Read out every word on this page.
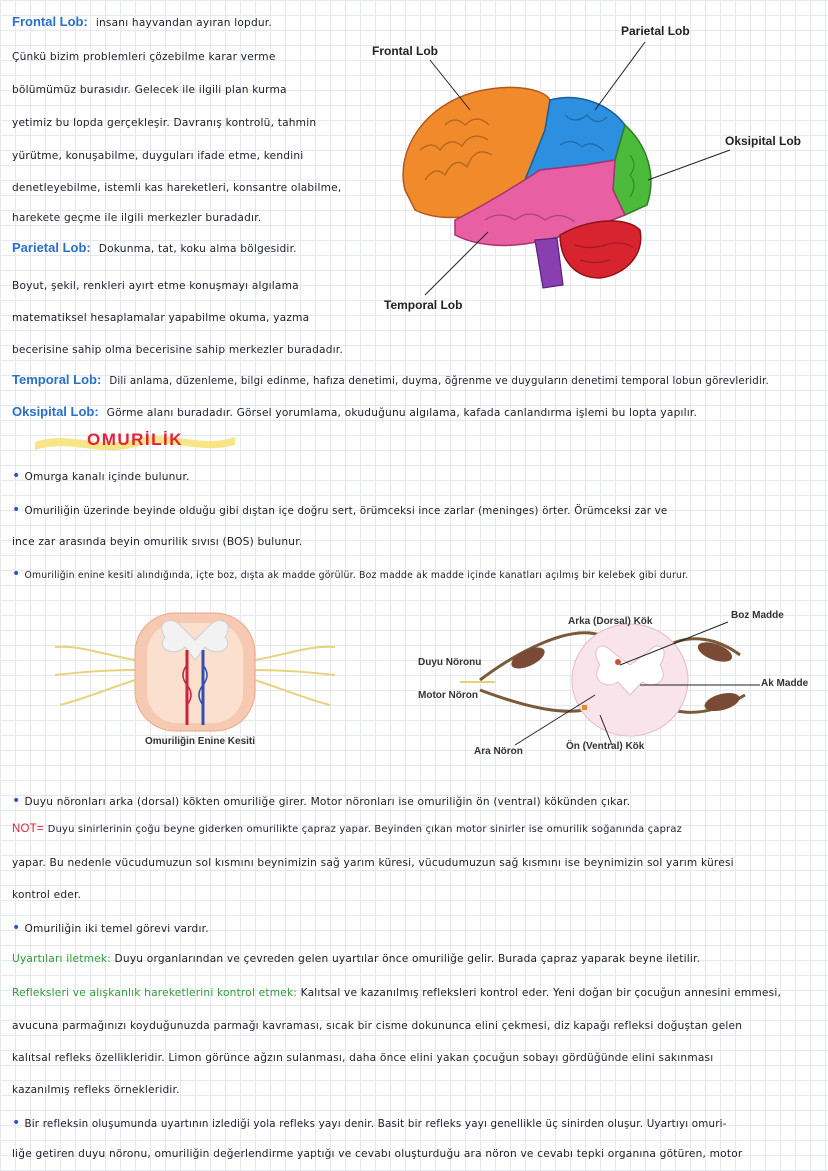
Frontal Lob: insanı hayvandan ayıran lopdur.
Çünkü bizim problemleri çözebilme karar verme
bölümümüz burasıdır. Gelecek ile ilgili plan kurma
yetimiz bu lopda gerçekleşir. Davranış kontrolü, tahmin
yürütme, konuşabilme, duyguları ifade etme, kendini
denetleyebilme, istemli kas hareketleri, konsantre olabilme,
harekete geçme ile ilgili merkezler buradadır.
Parietal Lob: Dokunma, tat, koku alma bölgesidir.
Boyut, şekil, renkleri ayırt etme konuşmayı algılama
matematiksel hesaplamalar yapabilme okuma, yazma
becerisine sahip olma becerisine sahip merkezler buradadır.
Frontal Lob
Parietal Lob
Oksipital Lob
Temporal Lob
Temporal Lob: Dili anlama, düzenleme, bilgi edinme, hafıza denetimi, duyma, öğrenme ve duyguların denetimi temporal lobun görevleridir.
Oksipital Lob: Görme alanı buradadır. Görsel yorumlama, okuduğunu algılama, kafada canlandırma işlemi bu lopta yapılır.
OMURİLİK
• Omurga kanalı içinde bulunur.
• Omuriliğin üzerinde beyinde olduğu gibi dıştan içe doğru sert, örümceksi ince zarlar (meninges) örter. Örümceksi zar ve
ince zar arasında beyin omurilik sıvısı (BOS) bulunur.
• Omuriliğin enine kesiti alındığında, içte boz, dışta ak madde görülür. Boz madde ak madde içinde kanatları açılmış bir kelebek gibi durur.
Omuriliğin Enine Kesiti
Arka (Dorsal) Kök
Boz Madde
Duyu Nöronu
Motor Nöron
Ak Madde
Ara Nöron	Ön (Ventral) Kök
• Duyu nöronları arka (dorsal) kökten omuriliğe girer. Motor nöronları ise omuriliğin ön (ventral) kökünden çıkar.
NOT= Duyu sinirlerinin çoğu beyne giderken omurilikte çapraz yapar. Beyinden çıkan motor sinirler ise omurilik soğanında çapraz
yapar. Bu nedenle vücudumuzun sol kısmını beynimizin sağ yarım küresi, vücudumuzun sağ kısmını ise beynimizin sol yarım küresi
kontrol eder.
• Omuriliğin iki temel görevi vardır.
Uyartıları iletmek: Duyu organlarından ve çevreden gelen uyartılar önce omuriliğe gelir. Burada çapraz yaparak beyne iletilir.
Refleksleri ve alışkanlık hareketlerini kontrol etmek: Kalıtsal ve kazanılmış refleksleri kontrol eder. Yeni doğan bir çocuğun annesini emmesi,
avucuna parmağınızı koyduğunuzda parmağı kavraması, sıcak bir cisme dokununca elini çekmesi, diz kapağı refleksi doğuştan gelen
kalıtsal refleks özellikleridir. Limon görünce ağzın sulanması, daha önce elini yakan çocuğun sobayı gördüğünde elini sakınması
kazanılmış refleks örnekleridir.
• Bir refleksin oluşumunda uyartının izlediği yola refleks yayı denir. Basit bir refleks yayı genellikle üç sinirden oluşur. Uyartıyı omuri-
liğe getiren duyu nöronu, omuriliğin değerlendirme yaptığı ve cevabı oluşturduğu ara nöron ve cevabı tepki organına götüren, motor
